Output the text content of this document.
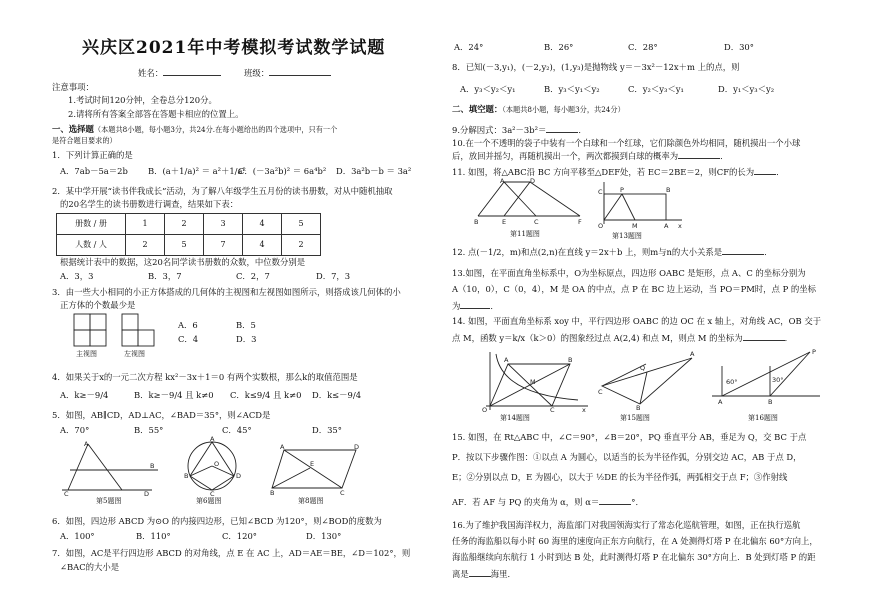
兴庆区2021年中考模拟考试数学试题
姓名：	班级：
注意事项：
1.考试时间120分钟，全卷总分120分。
2.请将所有答案全部答在答题卡相应的位置上。
一、选择题（本题共8小题，每小题3分，共24分.在每小题给出的四个选项中，只有一个
是符合题目要求的）
1．下列计算正确的是
A．7ab－5a＝2b B．(a＋1/a)² ＝ a²＋1/a²
C．(－3a²b)² ＝ 6a⁴b² D．3a²b－b ＝ 3a²
2．某中学开展“读书伴我成长”活动，为了解八年级学生五月份的读书册数，对从中随机抽取
的20名学生的读书册数进行调查，结果如下表：
册数 / 册	1	2	3	4	5
人数 / 人	2	5	7	4	2
根据统计表中的数据，这20名同学读书册数的众数，中位数分别是
A．3，3	B．3，7	C．2，7	D．7，3
3．由一些大小相同的小正方体搭成的几何体的主视图和左视图如图所示，则搭成该几何体的小
正方体的个数最少是
主视图	左视图
A．6	B．5
C．4	D．3
4．如果关于x的一元二次方程 kx²－3x＋1＝0 有两个实数根，那么k的取值范围是
A．k≥－9/4	B．k≥－9/4 且 k≠0 C．k≤9/4 且 k≠0 D．k≤－9/4
5．如图，AB∥CD，AD⊥AC，∠BAD＝35°，则∠ACD是
A．70°	B．55°	C．45°	D．35°
A
B
C	D
第5题图
A
B
C
D
O
第6题图
A	D
B	C
E
第8题图
6．如图，四边形 ABCD 为⊙O 的内接四边形，已知∠BCD 为120°，则∠BOD的度数为
A．100°	B．110°	C．120°	D．130°
7．如图，AC是平行四边形 ABCD 的对角线，点 E 在 AC 上，AD＝AE＝BE，∠D＝102°，则
∠BAC的大小是
A．24°	B．26°	C．28°	D．30°
8．已知(－3,y₁)，(－2,y₂)，(1,y₃)是抛物线 y＝－3x²－12x＋m 上的点，则
A．y₃＜y₂＜y₁	B．y₃＜y₁＜y₂	C．y₂＜y₃＜y₁	D．y₁＜y₃＜y₂
二、填空题：（本题共8小题，每小题3分，共24分）
9.分解因式：3a²－3b²＝	．
10.在一个不透明的袋子中装有一个白球和一个红球，它们除颜色外均相同，随机摸出一个小球
后，放回并摇匀，再随机摸出一个，两次都摸到白球的概率为	．
11. 如图，将△ABC沿 BC 方向平移至△DEF处，若 EC＝2BE＝2，则CF的长为	．
A	D
B	E	C	F
第11题图
C	P	B
O	M	A x
第13题图
12. 点(－1/2，m)和点(2,n)在直线 y＝2x＋b 上，则m与n的大小关系是	．
13.如图，在平面直角坐标系中，O为坐标原点，四边形 OABC 是矩形，点 A、C 的坐标分别为
A（10，0），C（0，4），M 是 OA 的中点，点 P 在 BC 边上运动，当 PO＝PM时，点 P 的坐标
为	．
14. 如图，平面直角坐标系 xoy 中，平行四边形 OABC 的边 OC 在 x 轴上，对角线 AC，OB 交于
点 M，函数 y＝k/x（k＞0）的图象经过点 A(2,4) 和点 M，则点 M 的坐标为	．
A	B
O	C
M
x
第14题图
C
A
B
Q
第15题图
60°	30°
P
A	B
第16题图
15. 如图，在 Rt△ABC 中，∠C＝90°，∠B＝20°，PQ 垂直平分 AB，垂足为 Q，交 BC 于点
P．按以下步骤作图：①以点 A 为圆心，以适当的长为半径作弧，分别交边 AC，AB 于点 D，
E；②分别以点 D，E 为圆心，以大于 ½DE 的长为半径作弧，两弧相交于点 F；③作射线
AF．若 AF 与 PQ 的夹角为 α，则 α＝	°．
16.为了维护我国海洋权力，海监部门对我国领海实行了常态化巡航管理，如图，正在执行巡航
任务的海监船以每小时 60 海里的速度向正东方向航行，在 A 处测得灯塔 P 在北偏东 60°方向上，
海监船继续向东航行 1 小时到达 B 处，此时测得灯塔 P 在北偏东 30°方向上．B 处到灯塔 P 的距
离是	海里．
